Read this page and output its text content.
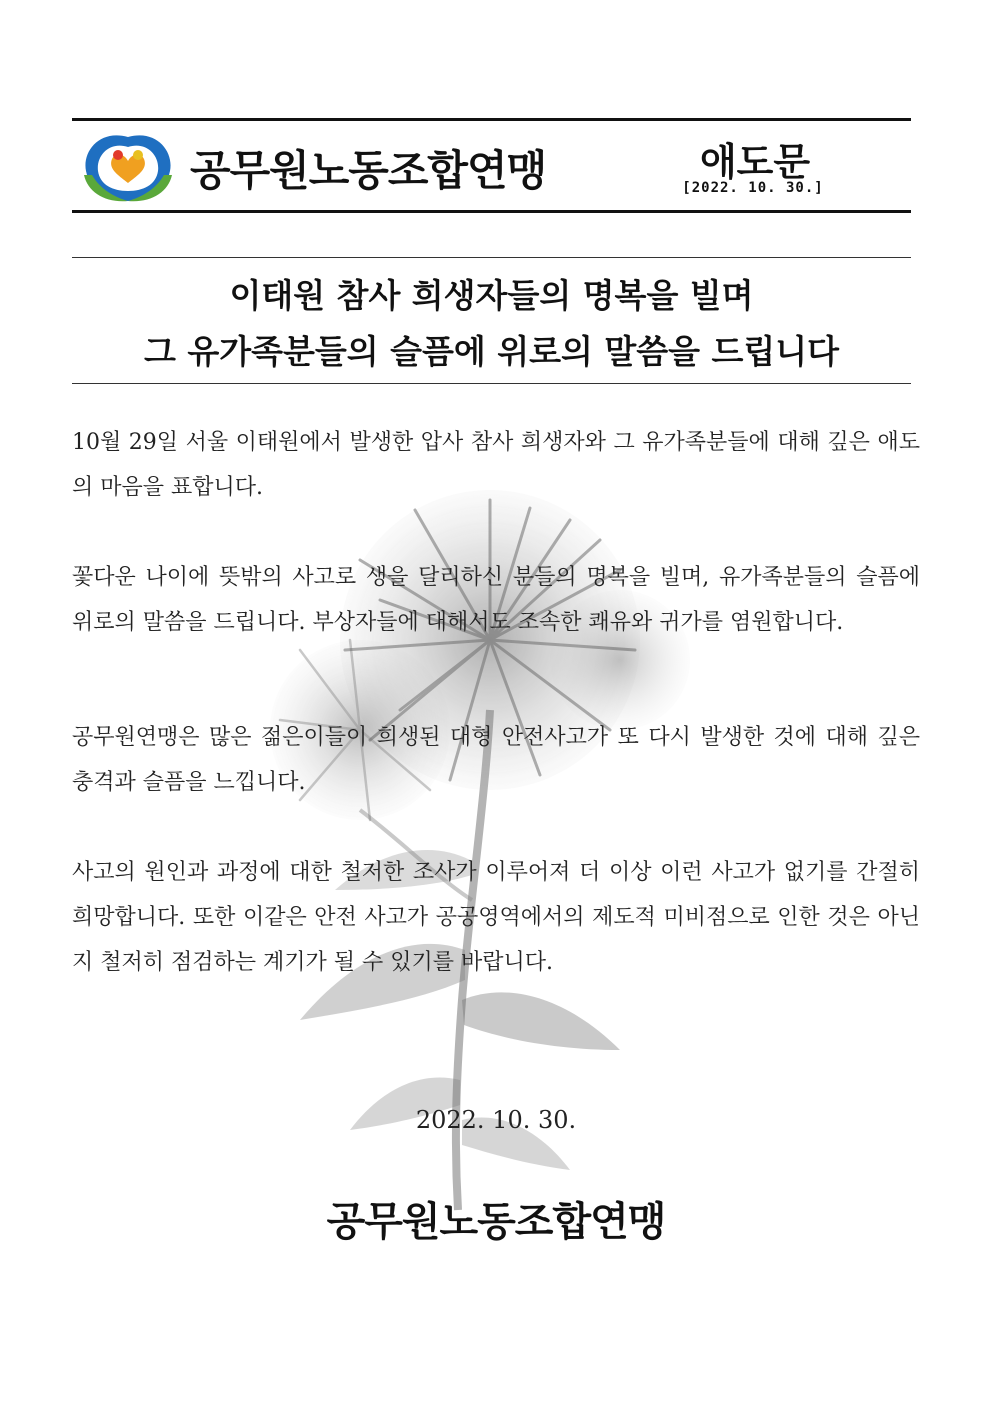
공무원노동조합연맹	애도문
[2022. 10. 30.]
이태원 참사 희생자들의 명복을 빌며
그 유가족분들의 슬픔에 위로의 말씀을 드립니다
10월 29일 서울 이태원에서 발생한 압사 참사 희생자와 그 유가족분들에 대해 깊은 애도의 마음을 표합니다.
꽃다운 나이에 뜻밖의 사고로 생을 달리하신 분들의 명복을 빌며, 유가족분들의 슬픔에 위로의 말씀을 드립니다. 부상자들에 대해서도 조속한 쾌유와 귀가를 염원합니다.
공무원연맹은 많은 젊은이들이 희생된 대형 안전사고가 또 다시 발생한 것에 대해 깊은 충격과 슬픔을 느낍니다.
사고의 원인과 과정에 대한 철저한 조사가 이루어져 더 이상 이런 사고가 없기를 간절히 희망합니다. 또한 이같은 안전 사고가 공공영역에서의 제도적 미비점으로 인한 것은 아닌지 철저히 점검하는 계기가 될 수 있기를 바랍니다.
2022. 10. 30.
공무원노동조합연맹
